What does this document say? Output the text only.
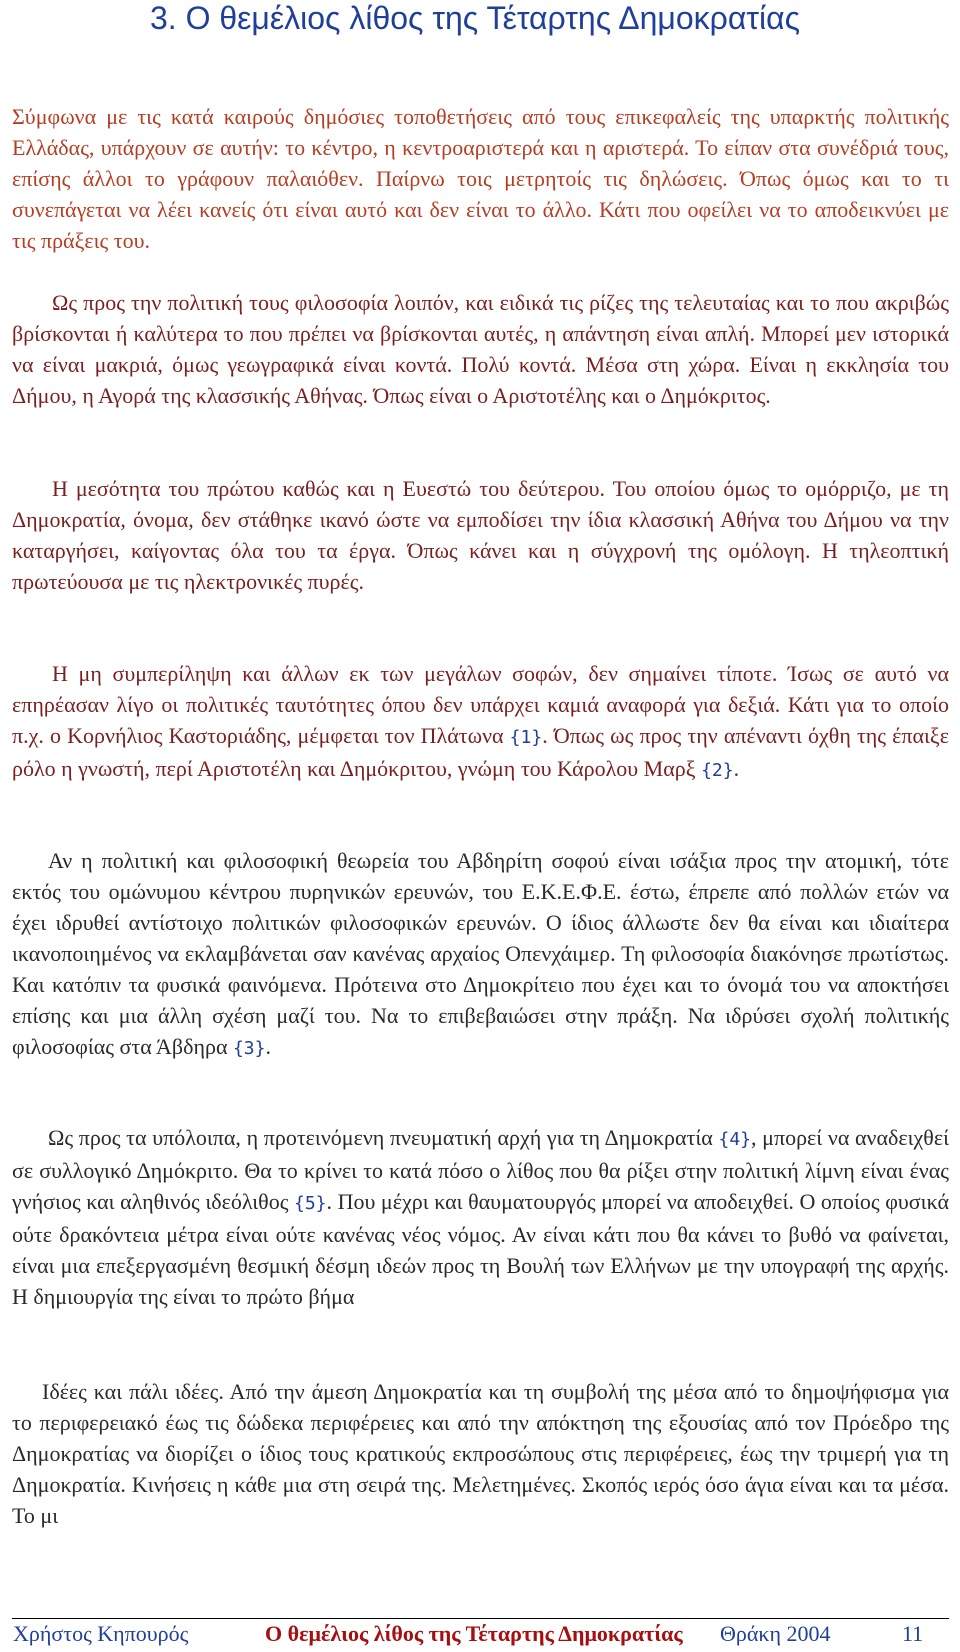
3. Ο θεμέλιος λίθος της Τέταρτης Δημοκρατίας

Σύμφωνα με τις κατά καιρούς δημόσιες τοποθετήσεις από τους επικεφαλείς της υπαρκτής πολιτικής Ελλάδας, υπάρχουν σε αυτήν: το κέντρο, η κεντροαριστερά και η αριστερά. Το είπαν στα συνέδριά τους, επίσης άλλοι το γράφουν παλαιόθεν. Παίρνω τοις μετρητοίς τις δηλώσεις. Όπως όμως και το τι συνεπάγεται να λέει κανείς ότι είναι αυτό και δεν είναι το άλλο. Κάτι που οφείλει να το αποδεικνύει με τις πράξεις του.

Ως προς την πολιτική τους φιλοσοφία λοιπόν, και ειδικά τις ρίζες της τελευταίας και το που ακριβώς βρίσκονται ή καλύτερα το που πρέπει να βρίσκονται αυτές, η απάντηση είναι απλή. Μπορεί μεν ιστορικά να είναι μακριά, όμως γεωγραφικά είναι κοντά. Πολύ κοντά. Μέσα στη χώρα. Είναι η εκκλησία του Δήμου, η Αγορά της κλασσικής Αθήνας. Όπως είναι ο Αριστοτέλης και ο Δημόκριτος.

Η μεσότητα του πρώτου καθώς και η Ευεστώ του δεύτερου. Του οποίου όμως το ομόρριζο, με τη Δημοκρατία, όνομα, δεν στάθηκε ικανό ώστε να εμποδίσει την ίδια κλασσική Αθήνα του Δήμου να την καταργήσει, καίγοντας όλα του τα έργα. Όπως κάνει και η σύγχρονή της ομόλογη. Η τηλεοπτική πρωτεύουσα με τις ηλεκτρονικές πυρές.

Η μη συμπερίληψη και άλλων εκ των μεγάλων σοφών, δεν σημαίνει τίποτε. Ίσως σε αυτό να επηρέασαν λίγο οι πολιτικές ταυτότητες όπου δεν υπάρχει καμιά αναφορά για δεξιά. Κάτι για το οποίο π.χ. ο Κορνήλιος Καστοριάδης, μέμφεται τον Πλάτωνα {1}. Όπως ως προς την απέναντι όχθη της έπαιξε ρόλο η γνωστή, περί Αριστοτέλη και Δημόκριτου, γνώμη του Κάρολου Μαρξ {2}.

Αν η πολιτική και φιλοσοφική θεωρεία του Αβδηρίτη σοφού είναι ισάξια προς την ατομική, τότε εκτός του ομώνυμου κέντρου πυρηνικών ερευνών, του Ε.Κ.Ε.Φ.Ε. έστω, έπρεπε από πολλών ετών να έχει ιδρυθεί αντίστοιχο πολιτικών φιλοσοφικών ερευνών. Ο ίδιος άλλωστε δεν θα είναι και ιδιαίτερα ικανοποιημένος να εκλαμβάνεται σαν κανένας αρχαίος Οπενχάιμερ. Τη φιλοσοφία διακόνησε πρωτίστως. Και κατόπιν τα φυσικά φαινόμενα. Πρότεινα στο Δημοκρίτειο που έχει και το όνομά του να αποκτήσει επίσης και μια άλλη σχέση μαζί του. Να το επιβεβαιώσει στην πράξη. Να ιδρύσει σχολή πολιτικής φιλοσοφίας στα Άβδηρα {3}.

Ως προς τα υπόλοιπα, η προτεινόμενη πνευματική αρχή για τη Δημοκρατία {4}, μπορεί να αναδειχθεί σε συλλογικό Δημόκριτο. Θα το κρίνει το κατά πόσο ο λίθος που θα ρίξει στην πολιτική λίμνη είναι ένας γνήσιος και αληθινός ιδεόλιθος {5}. Που μέχρι και θαυματουργός μπορεί να αποδειχθεί. Ο οποίος φυσικά ούτε δρακόντεια μέτρα είναι ούτε κανένας νέος νόμος. Αν είναι κάτι που θα κάνει το βυθό να φαίνεται, είναι μια επεξεργασμένη θεσμική δέσμη ιδεών προς τη Βουλή των Ελλήνων με την υπογραφή της αρχής. Η δημιουργία της είναι το πρώτο βήμα

Ιδέες και πάλι ιδέες. Από την άμεση Δημοκρατία και τη συμβολή της μέσα από το δημοψήφισμα για το περιφερειακό έως τις δώδεκα περιφέρειες και από την απόκτηση της εξουσίας από τον Πρόεδρο της Δημοκρατίας να διορίζει ο ίδιος τους κρατικούς εκπροσώπους στις περιφέρειες, έως την τριμερή για τη Δημοκρατία. Κινήσεις η κάθε μια στη σειρά της. Μελετημένες. Σκοπός ιερός όσο άγια είναι και τα μέσα. Το μι

Χρήστος Κηπουρός	Ο θεμέλιος λίθος της Τέταρτης Δημοκρατίας Θράκη 2004	11
